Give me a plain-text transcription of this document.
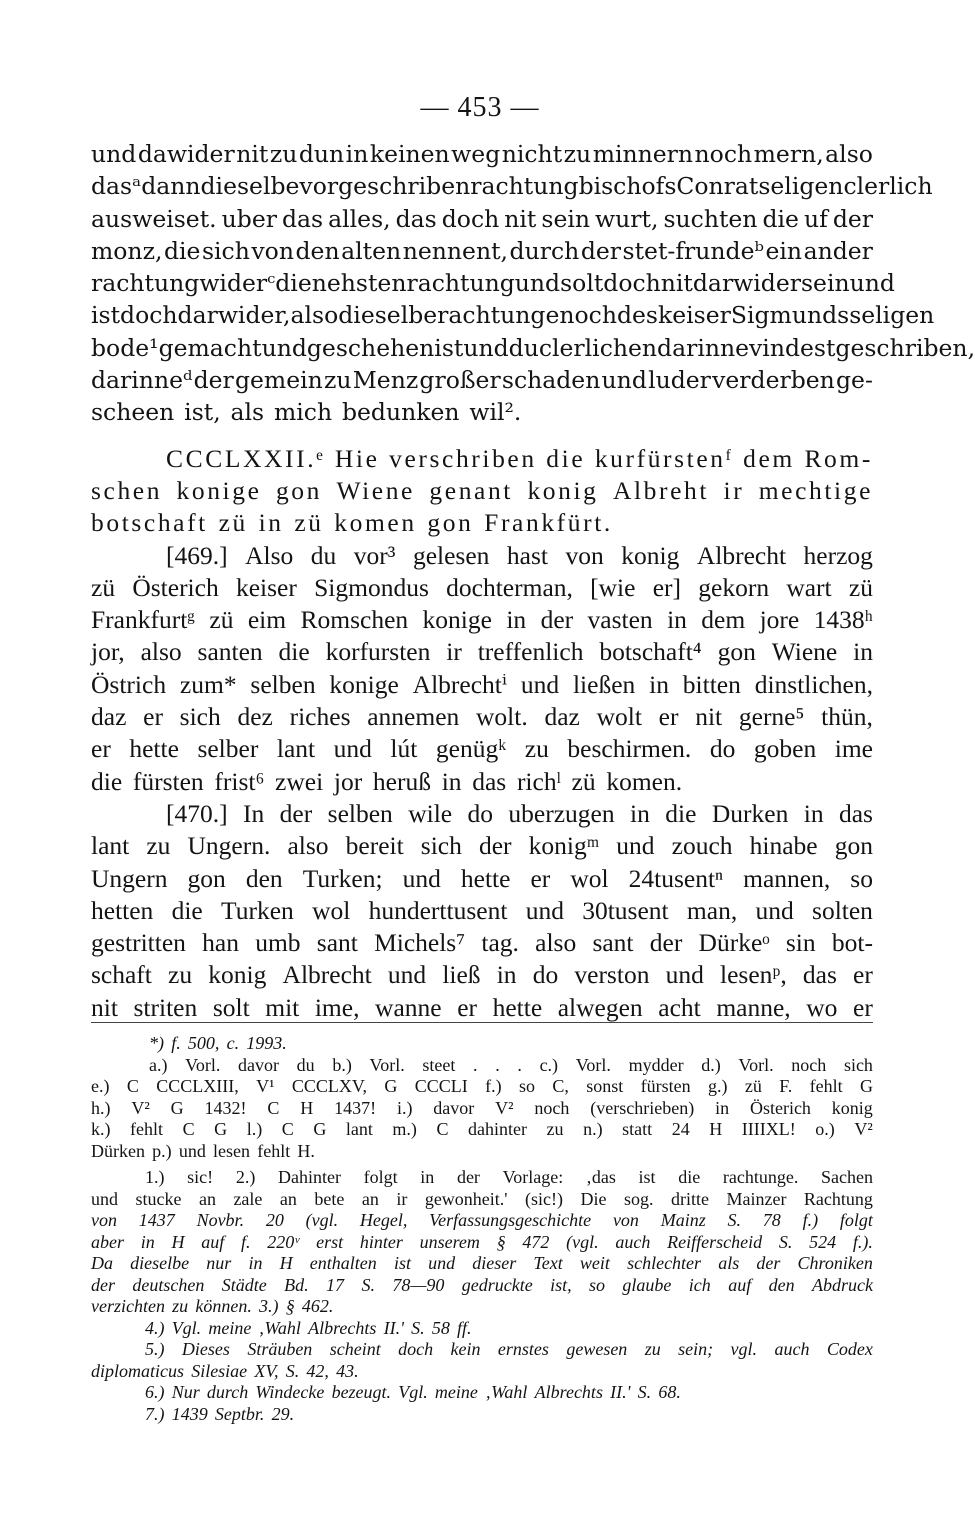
— 453 —
und dawider nit zu dun in keinen weg nicht zu minnern noch mern, also
dasᵃ dann die selbe vor geschriben rachtung bischofs Conrat seligen clerlich
ausweiset. uber das alles, das doch nit sein wurt, suchten die uf der
monz, die sich von den alten nennent, durch der stet-frundeᵇ ein ander
rachtung widerᶜ die nehsten rachtung und solt doch nit darwider sein und
ist doch darwider, also die selbe rachtunge noch des keiser Sigmunds seligen
bode¹ gemacht und geschehen ist und du clerlichen darinne vindest geschriben,
darinneᵈ der gemein zu Menz großer schaden und luder verderben ge-
scheen ist, als mich bedunken wil².
CCCLXXII.ᵉ Hie verschriben die kurfürstenᶠ dem Rom-
schen konige gon Wiene genant konig Albreht ir mechtige
botschaft zü in zü komen gon Frankfürt.
[469.] Also du vor³ gelesen hast von konig Albrecht herzog
zü Österich keiser Sigmondus dochterman, [wie er] gekorn wart zü
Frankfurtᵍ zü eim Romschen konige in der vasten in dem jore 1438ʰ
jor, also santen die korfursten ir treffenlich botschaft⁴ gon Wiene in
Östrich zum* selben konige Albrechtⁱ und ließen in bitten dinstlichen,
daz er sich dez riches annemen wolt. daz wolt er nit gerne⁵ thün,
er hette selber lant und lút genügᵏ zu beschirmen. do goben ime
die fürsten frist⁶ zwei jor heruß in das richˡ zü komen.
[470.] In der selben wile do uberzugen in die Durken in das
lant zu Ungern. also bereit sich der konigᵐ und zouch hinabe gon
Ungern gon den Turken; und hette er wol 24tusentⁿ mannen, so
hetten die Turken wol hunderttusent und 30tusent man, und solten
gestritten han umb sant Michels⁷ tag. also sant der Dürkeᵒ sin bot-
schaft zu konig Albrecht und ließ in do verston und lesenᵖ, das er
nit striten solt mit ime, wanne er hette alwegen acht manne, wo er
*) f. 500, c. 1993.
a.) Vorl. davor du b.) Vorl. steet . . . c.) Vorl. mydder d.) Vorl. noch sich
e.) C CCCLXIII, V¹ CCCLXV, G CCCLI f.) so C, sonst fürsten g.) zü F. fehlt G
h.) V² G 1432! C H 1437! i.) davor V² noch (verschrieben) in Österich konig
k.) fehlt C G l.) C G lant m.) C dahinter zu n.) statt 24 H IIIIXL! o.) V²
Dürken p.) und lesen fehlt H.
1.) sic! 2.) Dahinter folgt in der Vorlage: ‚das ist die rachtunge. Sachen
und stucke an zale an bete an ir gewonheit.' (sic!) Die sog. dritte Mainzer Rachtung
von 1437 Novbr. 20 (vgl. Hegel, Verfassungsgeschichte von Mainz S. 78 f.) folgt
aber in H auf f. 220ᵛ erst hinter unserem § 472 (vgl. auch Reifferscheid S. 524 f.).
Da dieselbe nur in H enthalten ist und dieser Text weit schlechter als der Chroniken
der deutschen Städte Bd. 17 S. 78—90 gedruckte ist, so glaube ich auf den Abdruck
verzichten zu können. 3.) § 462.
4.) Vgl. meine ‚Wahl Albrechts II.' S. 58 ff.
5.) Dieses Sträuben scheint doch kein ernstes gewesen zu sein; vgl. auch Codex
diplomaticus Silesiae XV, S. 42, 43.
6.) Nur durch Windecke bezeugt. Vgl. meine ‚Wahl Albrechts II.' S. 68.
7.) 1439 Septbr. 29.
